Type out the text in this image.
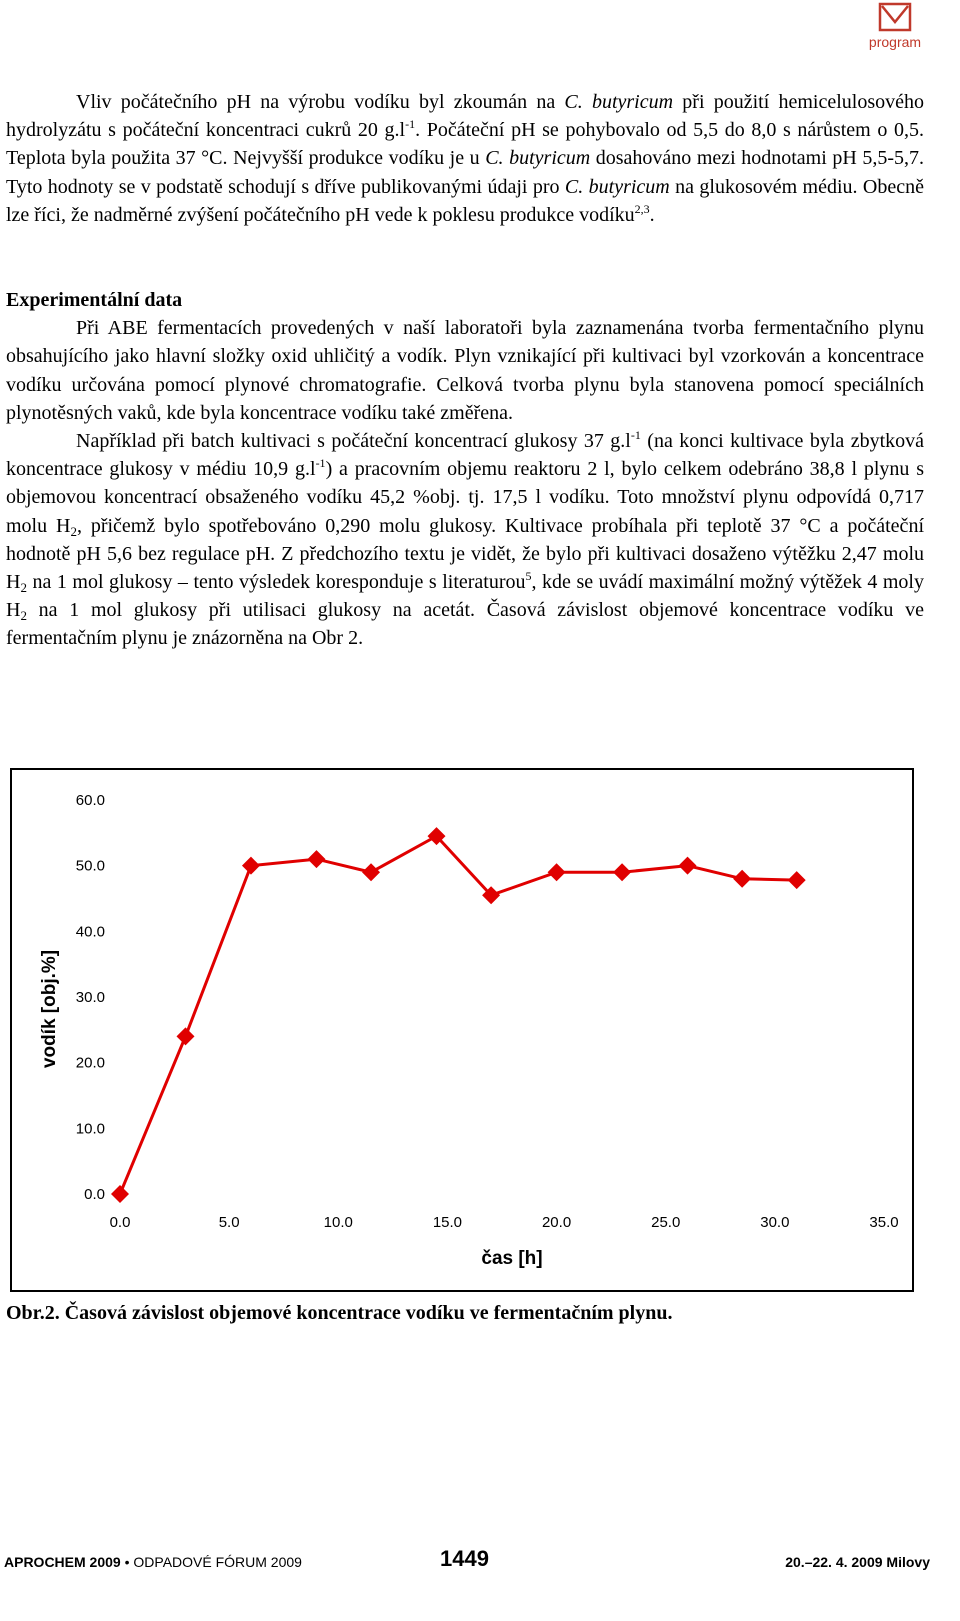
program

Vliv počátečního pH na výrobu vodíku byl zkoumán na C. butyricum při použití hemicelulosového hydrolyzátu s počáteční koncentraci cukrů 20 $g.l^{-1}$. Počáteční pH se pohybovalo od 5,5 do 8,0 s nárůstem o 0,5. Teplota byla použita 37 °C. Nejvyšší produkce vodíku je u C. butyricum dosahováno mezi hodnotami pH 5,5-5,7. Tyto hodnoty se v podstatě schodují s dříve publikovanými údaji pro C. butyricum na glukosovém médiu. Obecně lze říci, že nadměrné zvýšení počátečního pH vede k poklesu produkce vodíku$^{2,3}$.

Experimentální data

Při ABE fermentacích provedených v naší laboratoři byla zaznamenána tvorba fermentačního plynu obsahujícího jako hlavní složky oxid uhličitý a vodík. Plyn vznikající při kultivaci byl vzorkován a koncentrace vodíku určována pomocí plynové chromatografie. Celková tvorba plynu byla stanovena pomocí speciálních plynotěsných vaků, kde byla koncentrace vodíku také změřena.

Například při batch kultivaci s počáteční koncentrací glukosy 37 $g.l^{-1}$ (na konci kultivace byla zbytková koncentrace glukosy v médiu 10,9 $g.l^{-1}$) a pracovním objemu reaktoru 2 l, bylo celkem odebráno 38,8 l plynu s objemovou koncentrací obsaženého vodíku 45,2 %obj. tj. 17,5 l vodíku. Toto množství plynu odpovídá 0,717 molu $H_2$, přičemž bylo spotřebováno 0,290 molu glukosy. Kultivace probíhala při teplotě 37 °C a počáteční hodnotě pH 5,6 bez regulace pH. Z předchozího textu je vidět, že bylo při kultivaci dosaženo výtěžku 2,47 molu $H_2$ na 1 mol glukosy – tento výsledek koresponduje s literaturou$^5$, kde se uvádí maximální možný výtěžek 4 moly $H_2$ na 1 mol glukosy při utilisaci glukosy na acetát. Časová závislost objemové koncentrace vodíku ve fermentačním plynu je znázorněna na Obr 2.

0.0
10.0
20.0
30.0
40.0
50.0
60.0
0.0	5.0	10.0	15.0	20.0	25.0	30.0	35.0
čas [h]
vodík [obj.%]
Obr.2. Časová závislost objemové koncentrace vodíku ve fermentačním plynu.
APROCHEM 2009 • ODPADOVÉ FÓRUM 2009	1449	20.–22. 4. 2009 Milovy
